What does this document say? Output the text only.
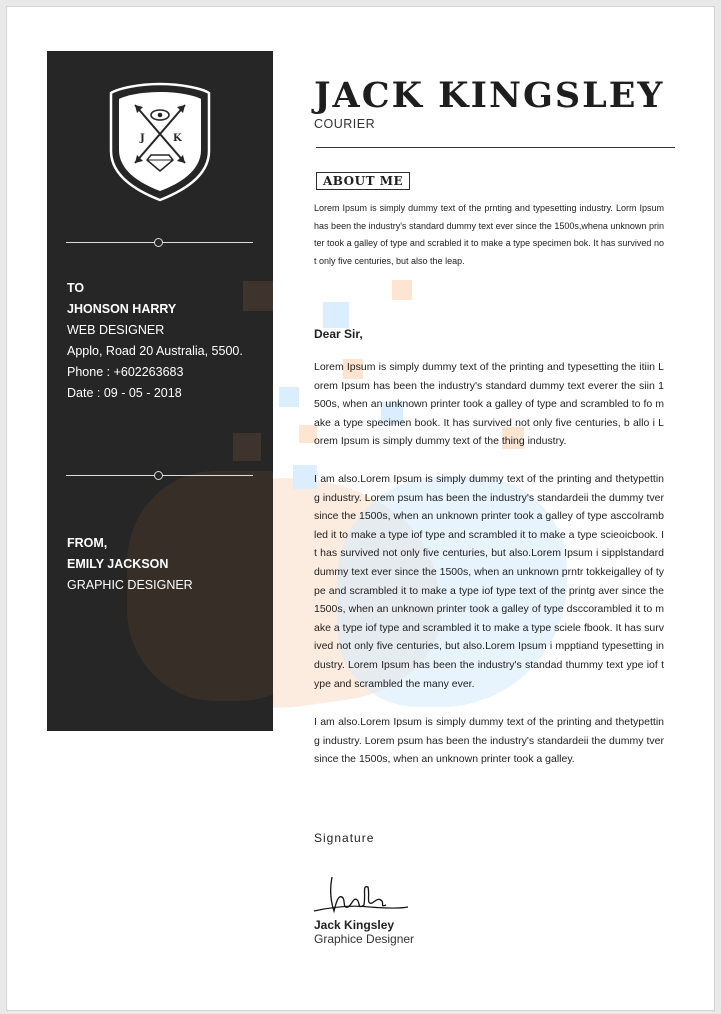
J	K
TO
JHONSON HARRY
WEB DESIGNER
Applo, Road 20 Australia, 5500.
Phone : +602263683
Date : 09 - 05 - 2018
FROM,
EMILY JACKSON
GRAPHIC DESIGNER
JACK KINGSLEY
COURIER
ABOUT ME
Lorem Ipsum is simply dummy text of the prnting and typesetting industry. Lorm Ipsum has been the industry's standard dummy text ever since the 1500s,whena unknown printer took a galley of type and scrabled it to make a type specimen bok. It has survived not only five centuries, but also the leap.
Dear Sir,
Lorem Ipsum is simply dummy text of the printing and typesetting the itiin Lorem Ipsum has been the industry's standard dummy text everer the siin 1500s, when an unknown printer took a galley of type and scrambled to fo make a type specimen book. It has survived not only five centuries, b allo i Lorem Ipsum is simply dummy text of the thing industry.
I am also.Lorem Ipsum is simply dummy text of the printing and thetypetting industry. Lorem psum has been the industry's standardeii the dummy tver since the 1500s, when an unknown printer took a galley of type asccolrambled it to make a type iof type and scrambled it to make a type scieoicbook. It has survived not only five centuries, but also.Lorem Ipsum i sipplstandard dummy text ever since the 1500s, when an unknown prntr tokkeigalley of type and scrambled it to make a type iof type text of the printg aver since the 1500s, when an unknown printer took a galley of type dsccorambled it to make a type iof type and scrambled it to make a type sciele fbook. It has survived not only five centuries, but also.Lorem Ipsum i mpptiand typesetting industry. Lorem Ipsum has been the industry's standad thummy text ype iof type and scrambled the many ever.
I am also.Lorem Ipsum is simply dummy text of the printing and thetypetting industry. Lorem psum has been the industry's standardeii the dummy tver since the 1500s, when an unknown printer took a galley.
Signature
Jack Kingsley
Graphice Designer
